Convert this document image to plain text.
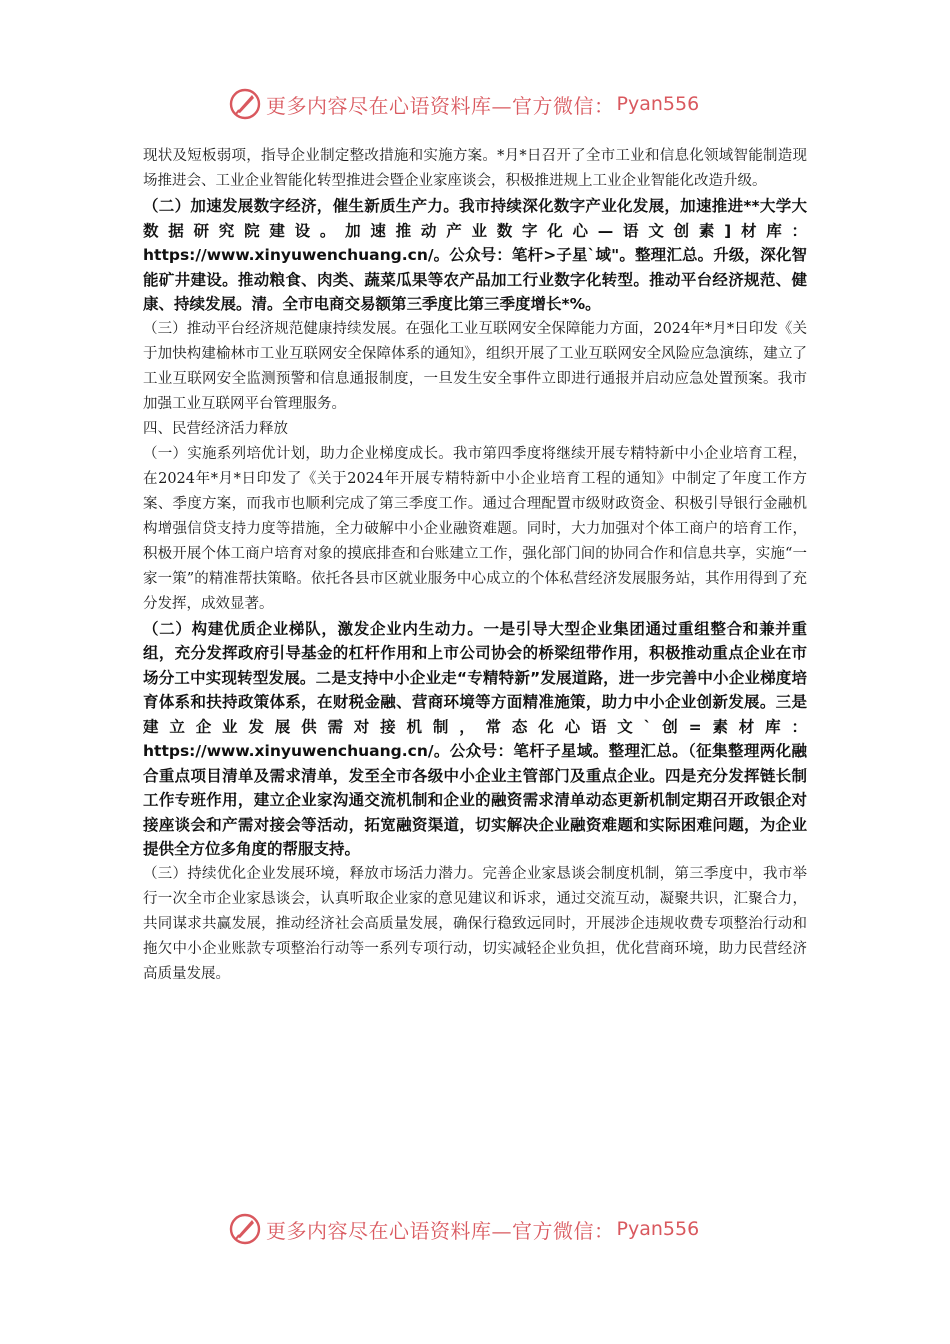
更多内容尽在心语资料库—官方微信： Pyan556

现状及短板弱项，指导企业制定整改措施和实施方案。*月*日召开了全市工业和信息化领域智能制造现场推进会、工业企业智能化转型推进会暨企业家座谈会，积极推进规上工业企业智能化改造升级。

（二）加速发展数字经济，催生新质生产力。我市持续深化数字产业化发展，加速推进**大学大数据研究院建设。加速推动产业数字化心—语文创素]材库：https://www.xinyuwenchuang.cn/。公众号：笔杆>子星`域"。整理汇总。升级，深化智能矿井建设。推动粮食、肉类、蔬菜瓜果等农产品加工行业数字化转型。推动平台经济规范、健康、持续发展。清。全市电商交易额第三季度比第三季度增长*%。

（三）推动平台经济规范健康持续发展。在强化工业互联网安全保障能力方面，2024年*月*日印发《关于加快构建榆林市工业互联网安全保障体系的通知》，组织开展了工业互联网安全风险应急演练，建立了工业互联网安全监测预警和信息通报制度，一旦发生安全事件立即进行通报并启动应急处置预案。我市加强工业互联网平台管理服务。

四、民营经济活力释放

（一）实施系列培优计划，助力企业梯度成长。我市第四季度将继续开展专精特新中小企业培育工程，在2024年*月*日印发了《关于2024年开展专精特新中小企业培育工程的通知》中制定了年度工作方案、季度方案，而我市也顺利完成了第三季度工作。通过合理配置市级财政资金、积极引导银行金融机构增强信贷支持力度等措施，全力破解中小企业融资难题。同时，大力加强对个体工商户的培育工作，积极开展个体工商户培育对象的摸底排查和台账建立工作，强化部门间的协同合作和信息共享，实施“一家一策”的精准帮扶策略。依托各县市区就业服务中心成立的个体私营经济发展服务站，其作用得到了充分发挥，成效显著。

（二）构建优质企业梯队，激发企业内生动力。一是引导大型企业集团通过重组整合和兼并重组，充分发挥政府引导基金的杠杆作用和上市公司协会的桥梁纽带作用，积极推动重点企业在市场分工中实现转型发展。二是支持中小企业走“专精特新”发展道路，进一步完善中小企业梯度培育体系和扶持政策体系，在财税金融、营商环境等方面精准施策，助力中小企业创新发展。三是建立企业发展供需对接机制，常态化心语文`创=素材库：https://www.xinyuwenchuang.cn/。公众号：笔杆子星域。整理汇总。（征集整理两化融合重点项目清单及需求清单，发至全市各级中小企业主管部门及重点企业。四是充分发挥链长制工作专班作用，建立企业家沟通交流机制和企业的融资需求清单动态更新机制定期召开政银企对接座谈会和产需对接会等活动，拓宽融资渠道，切实解决企业融资难题和实际困难问题，为企业提供全方位多角度的帮服支持。

（三）持续优化企业发展环境，释放市场活力潜力。完善企业家恳谈会制度机制，第三季度中，我市举行一次全市企业家恳谈会，认真听取企业家的意见建议和诉求，通过交流互动，凝聚共识，汇聚合力，共同谋求共赢发展，推动经济社会高质量发展，确保行稳致远同时，开展涉企违规收费专项整治行动和拖欠中小企业账款专项整治行动等一系列专项行动，切实减轻企业负担，优化营商环境，助力民营经济高质量发展。

更多内容尽在心语资料库—官方微信： Pyan556
